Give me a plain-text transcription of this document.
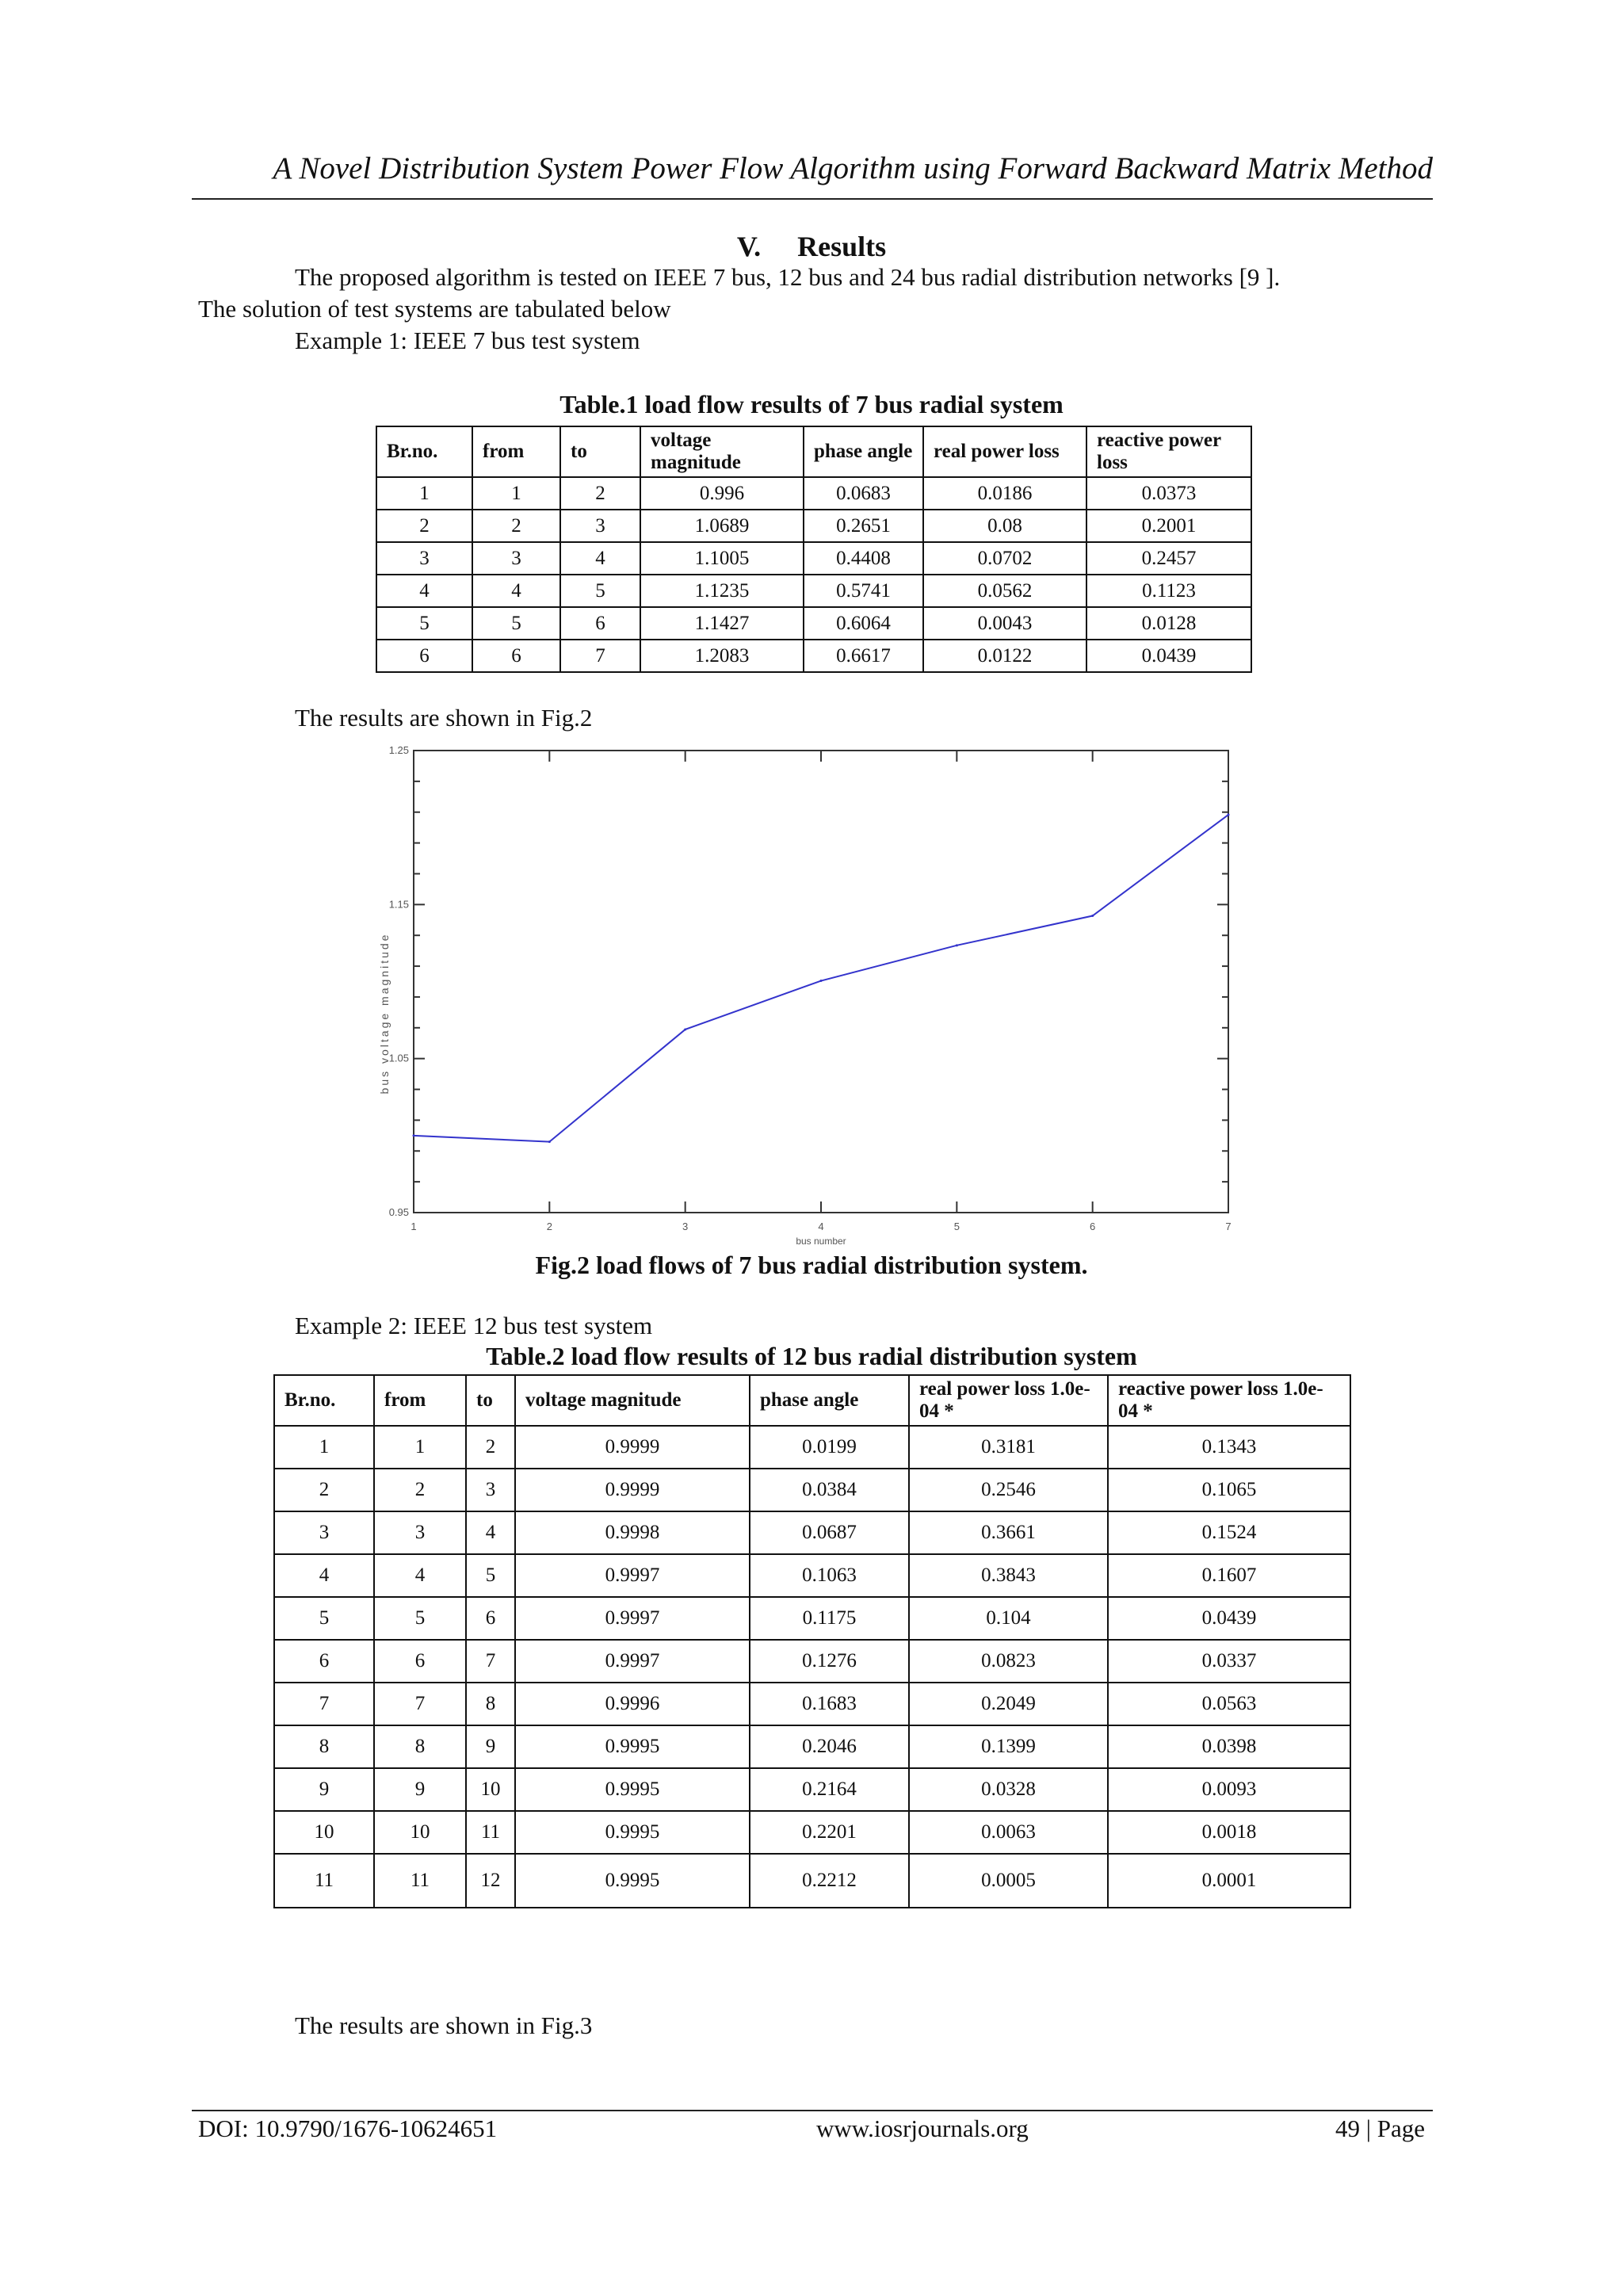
A Novel Distribution System Power Flow Algorithm using Forward Backward Matrix Method
V. Results
The proposed algorithm is tested on IEEE 7 bus, 12 bus and 24 bus radial distribution networks [9 ].
The solution of test systems are tabulated below
Example 1: IEEE 7 bus test system
Table.1 load flow results of 7 bus radial system
Br.no.	from	to	voltage magnitude	phase angle	real power loss	reactive power loss
1	1	2	0.996	0.0683	0.0186	0.0373
2	2	3	1.0689	0.2651	0.08	0.2001
3	3	4	1.1005	0.4408	0.0702	0.2457
4	4	5	1.1235	0.5741	0.0562	0.1123
5	5	6	1.1427	0.6064	0.0043	0.0128
6	6	7	1.2083	0.6617	0.0122	0.0439
The results are shown in Fig.2
1	2	3	4	5	6	7
0.95
1.05
1.15
1.25
bus number
bus voltage magnitude
Fig.2 load flows of 7 bus radial distribution system.
Example 2: IEEE 12 bus test system
Table.2 load flow results of 12 bus radial distribution system
Br.no.	from	to	voltage magnitude	phase angle	real power loss 1.0e-04 *	reactive power loss 1.0e-04 *
1	1	2	0.9999	0.0199	0.3181	0.1343
2	2	3	0.9999	0.0384	0.2546	0.1065
3	3	4	0.9998	0.0687	0.3661	0.1524
4	4	5	0.9997	0.1063	0.3843	0.1607
5	5	6	0.9997	0.1175	0.104	0.0439
6	6	7	0.9997	0.1276	0.0823	0.0337
7	7	8	0.9996	0.1683	0.2049	0.0563
8	8	9	0.9995	0.2046	0.1399	0.0398
9	9	10	0.9995	0.2164	0.0328	0.0093
10	10	11	0.9995	0.2201	0.0063	0.0018
11	11	12	0.9995	0.2212	0.0005	0.0001
The results are shown in Fig.3
DOI: 10.9790/1676-10624651	www.iosrjournals.org	49 | Page
